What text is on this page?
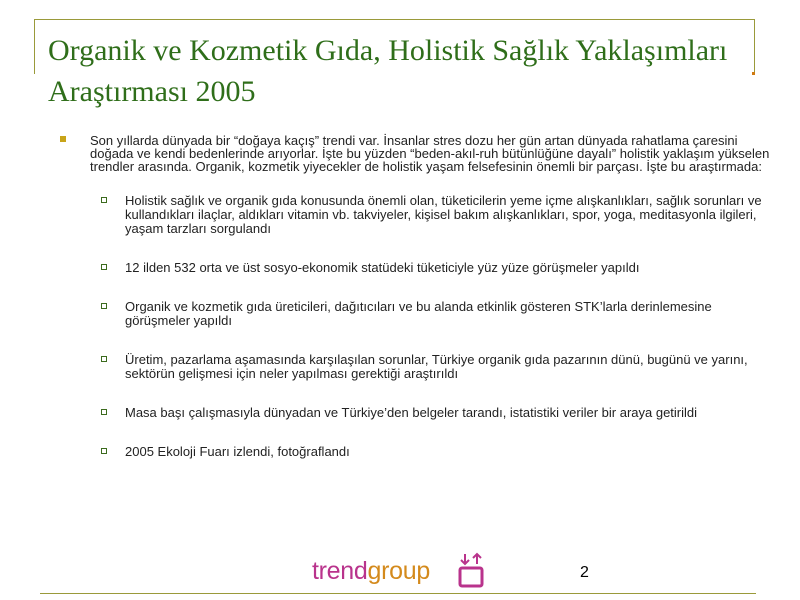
Organik ve Kozmetik Gıda, Holistik Sağlık Yaklaşımları Araştırması 2005
Son yıllarda dünyada bir “doğaya kaçış” trendi var. İnsanlar stres dozu her gün artan dünyada rahatlama çaresini doğada ve kendi bedenlerinde arıyorlar. İşte bu yüzden “beden-akıl-ruh bütünlüğüne dayalı” holistik yaklaşım yükselen trendler arasında. Organik, kozmetik yiyecekler de holistik yaşam felsefesinin önemli bir parçası. İşte bu araştırmada:
Holistik sağlık ve organik gıda konusunda önemli olan, tüketicilerin yeme içme alışkanlıkları, sağlık sorunları ve kullandıkları ilaçlar, aldıkları vitamin vb. takviyeler, kişisel bakım alışkanlıkları, spor, yoga, meditasyonla ilgileri, yaşam tarzları sorgulandı
12 ilden 532 orta ve üst sosyo-ekonomik statüdeki tüketiciyle yüz yüze görüşmeler yapıldı
Organik ve kozmetik gıda üreticileri, dağıtıcıları ve bu alanda etkinlik gösteren STK’larla derinlemesine görüşmeler yapıldı
Üretim, pazarlama aşamasında karşılaşılan sorunlar, Türkiye organik gıda pazarının dünü, bugünü ve yarını, sektörün gelişmesi için neler yapılması gerektiği araştırıldı
Masa başı çalışmasıyla dünyadan ve Türkiye’den belgeler tarandı, istatistiki veriler bir araya getirildi
2005 Ekoloji Fuarı izlendi, fotoğraflandı
trendgroup	2
